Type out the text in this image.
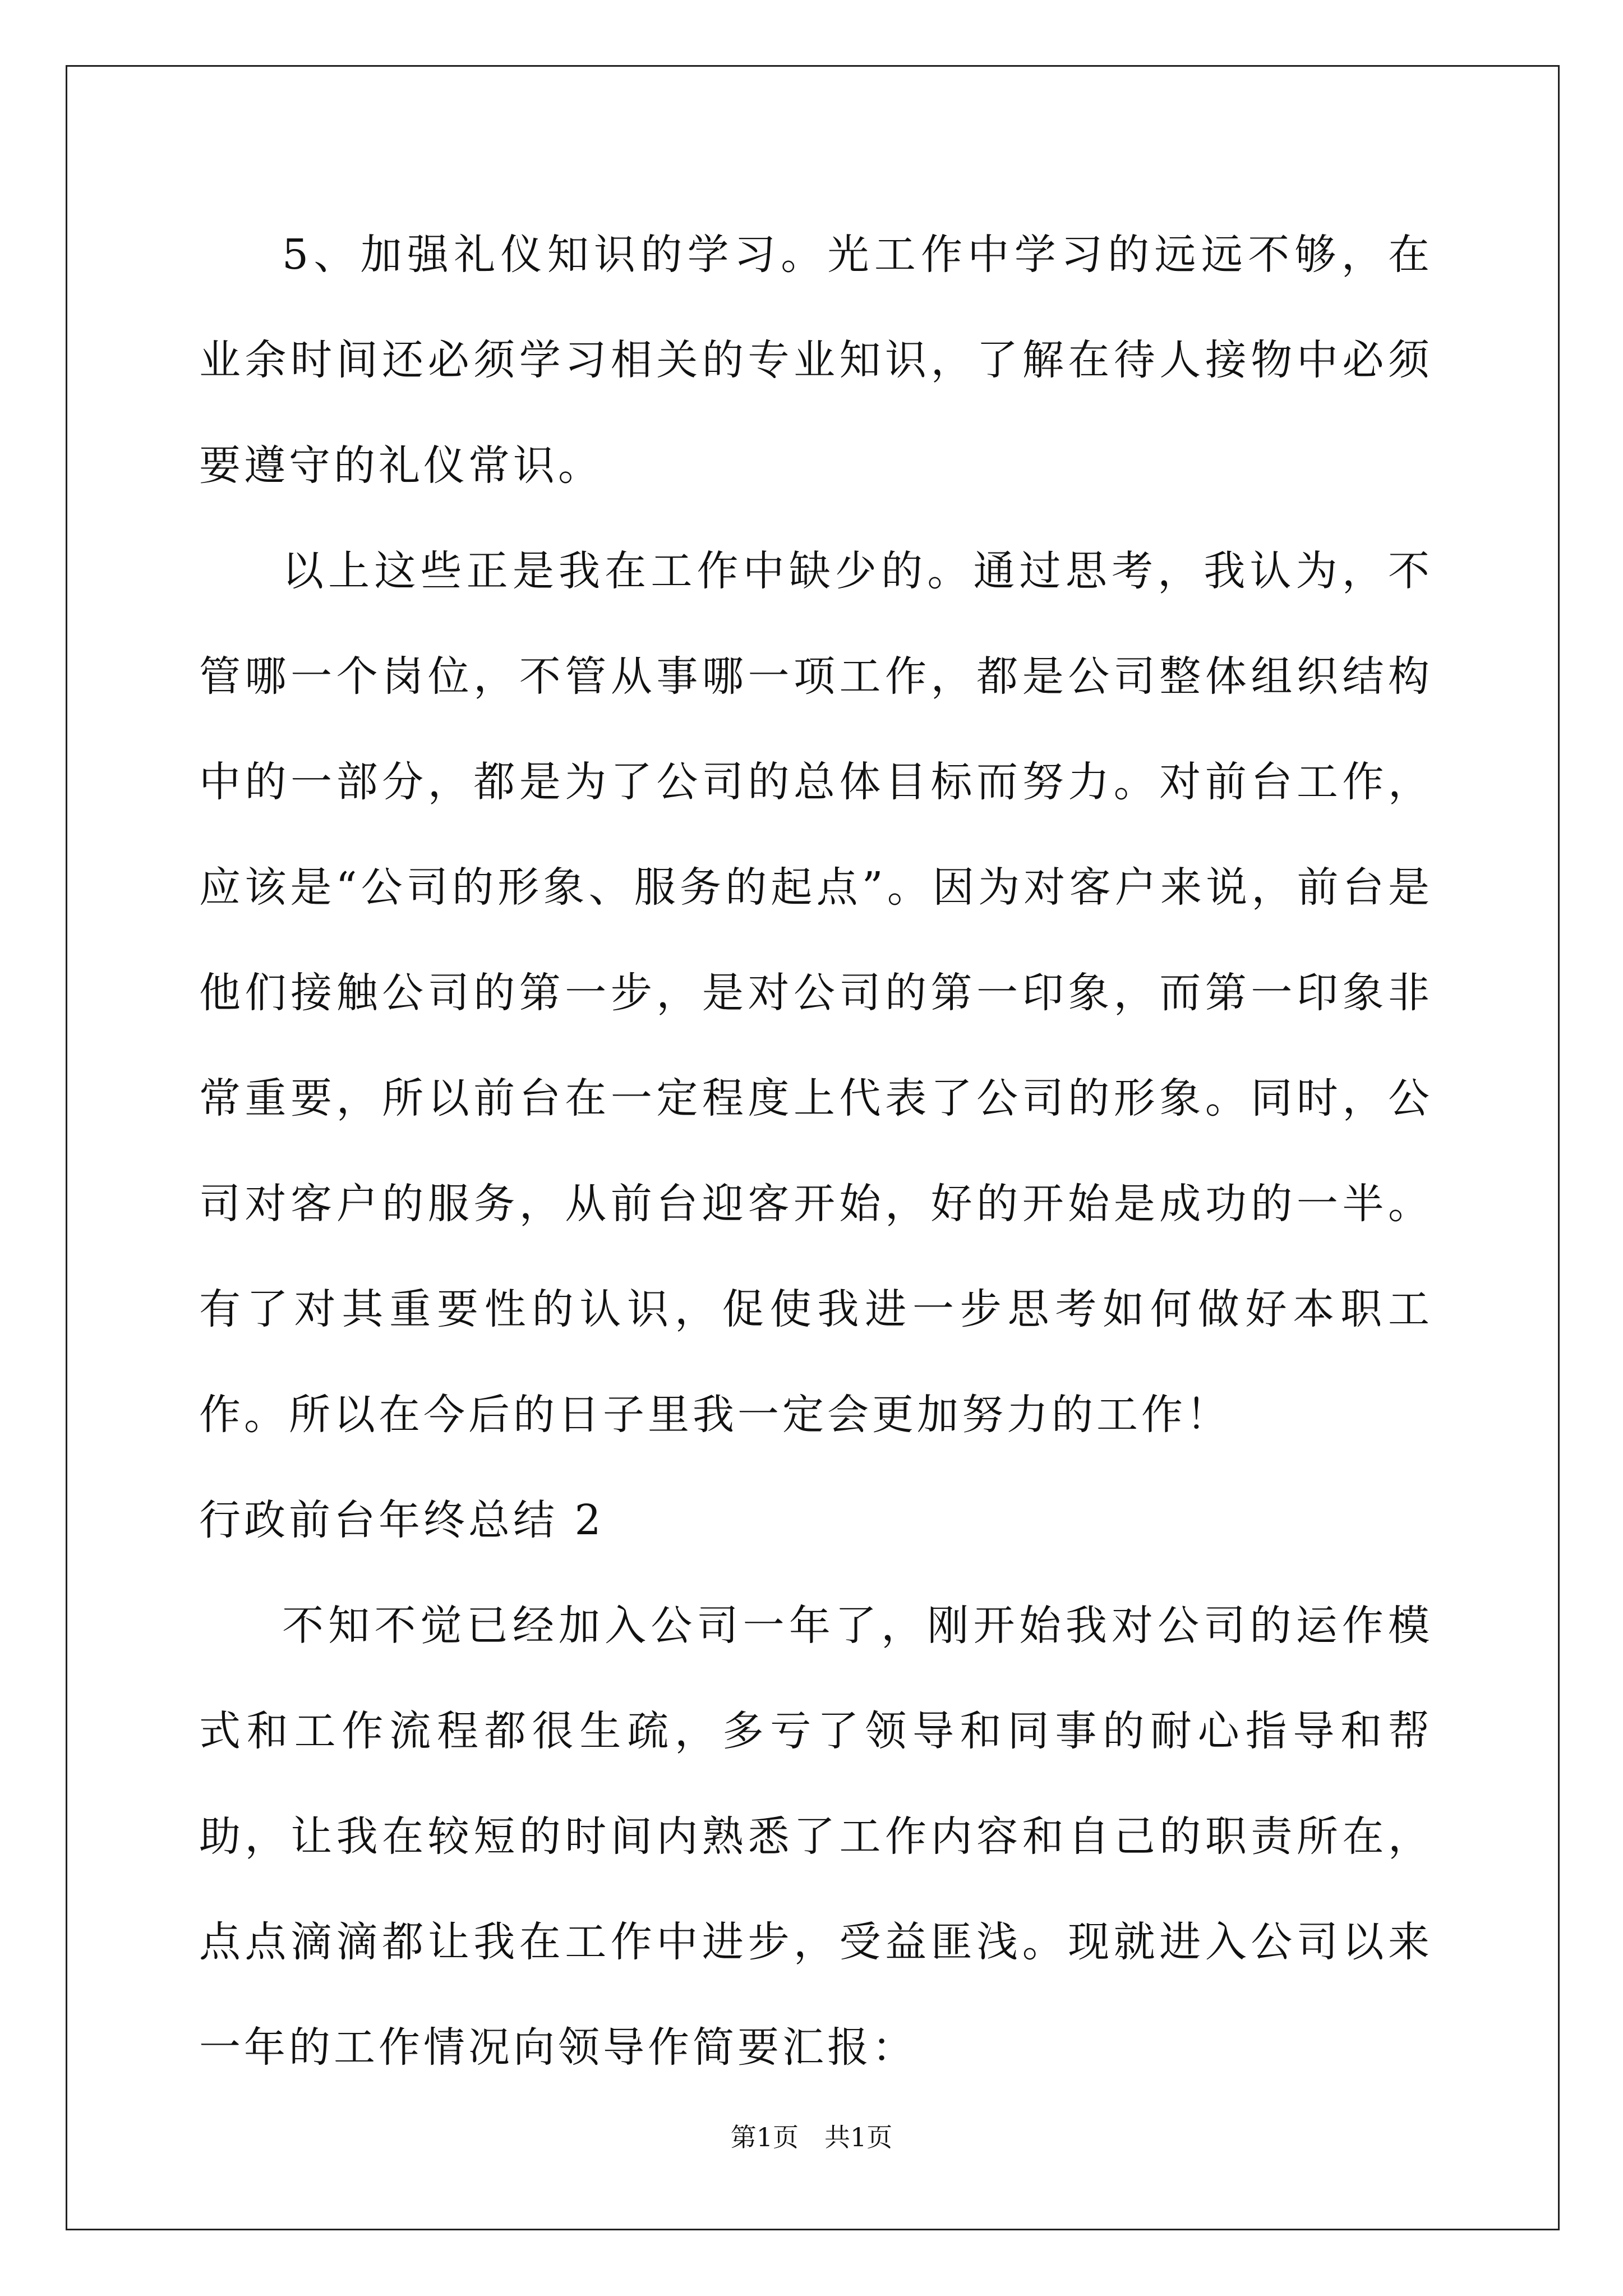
5、加强礼仪知识的学习。光工作中学习的远远不够，在业余时间还必须学习相关的专业知识，了解在待人接物中必须要遵守的礼仪常识。

以上这些正是我在工作中缺少的。通过思考，我认为，不管哪一个岗位，不管从事哪一项工作，都是公司整体组织结构中的一部分，都是为了公司的总体目标而努力。对前台工作，应该是“公司的形象、服务的起点”。因为对客户来说，前台是他们接触公司的第一步，是对公司的第一印象，而第一印象非常重要，所以前台在一定程度上代表了公司的形象。同时，公司对客户的服务，从前台迎客开始，好的开始是成功的一半。有了对其重要性的认识，促使我进一步思考如何做好本职工作。所以在今后的日子里我一定会更加努力的工作！

行政前台年终总结 2

不知不觉已经加入公司一年了，刚开始我对公司的运作模式和工作流程都很生疏，多亏了领导和同事的耐心指导和帮助，让我在较短的时间内熟悉了工作内容和自己的职责所在，点点滴滴都让我在工作中进步，受益匪浅。现就进入公司以来一年的工作情况向领导作简要汇报：

第1页 共1页
